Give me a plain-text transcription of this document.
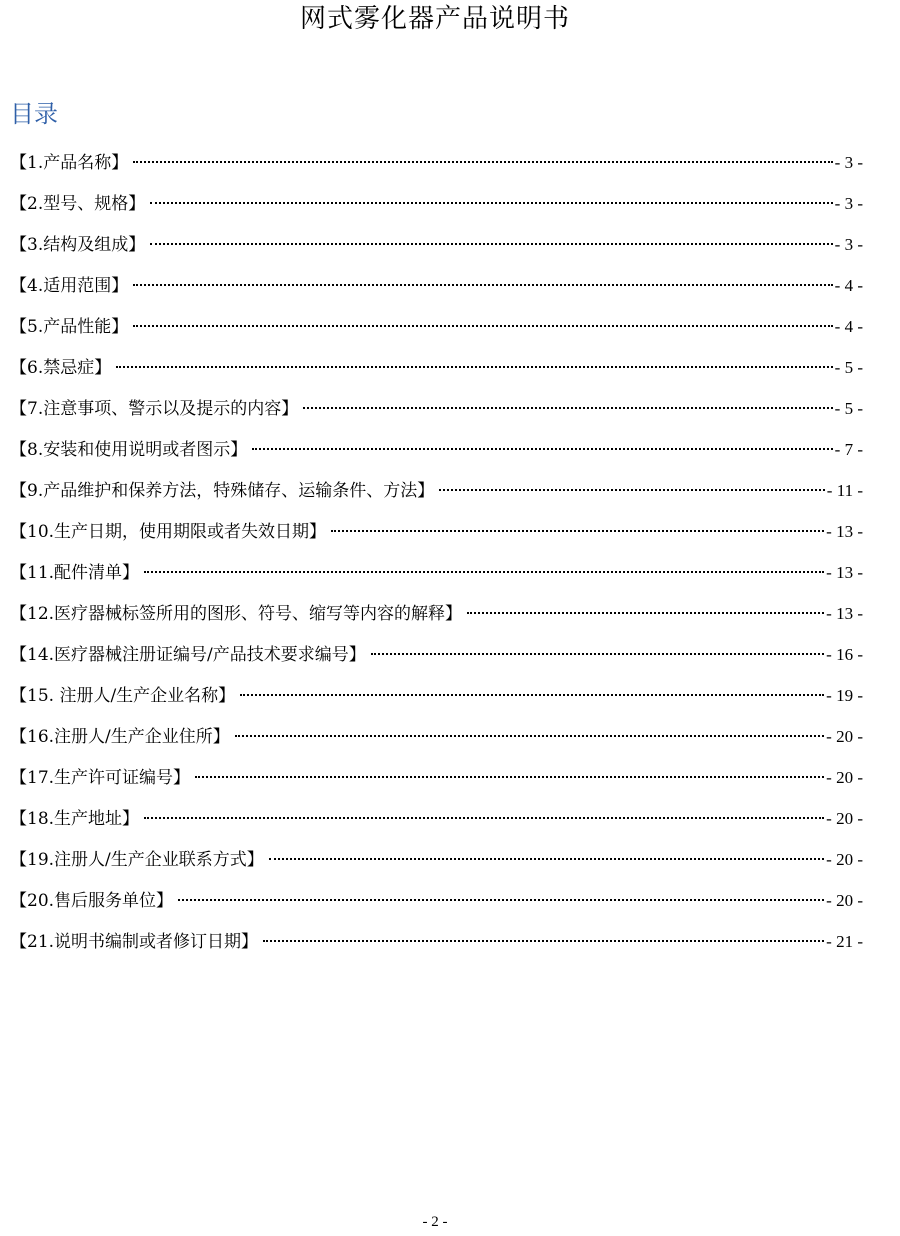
网式雾化器产品说明书
目录
【1.产品名称】	- 3 -
【2.型号、规格】	- 3 -
【3.结构及组成】	- 3 -
【4.适用范围】	- 4 -
【5.产品性能】	- 4 -
【6.禁忌症】	- 5 -
【7.注意事项、警示以及提示的内容】	- 5 -
【8.安装和使用说明或者图示】	- 7 -
【9.产品维护和保养方法，特殊储存、运输条件、方法】	- 11 -
【10.生产日期，使用期限或者失效日期】	- 13 -
【11.配件清单】	- 13 -
【12.医疗器械标签所用的图形、符号、缩写等内容的解释】	- 13 -
【14.医疗器械注册证编号/产品技术要求编号】	- 16 -
【15. 注册人/生产企业名称】	- 19 -
【16.注册人/生产企业住所】	- 20 -
【17.生产许可证编号】	- 20 -
【18.生产地址】	- 20 -
【19.注册人/生产企业联系方式】	- 20 -
【20.售后服务单位】	- 20 -
【21.说明书编制或者修订日期】	- 21 -
- 2 -
